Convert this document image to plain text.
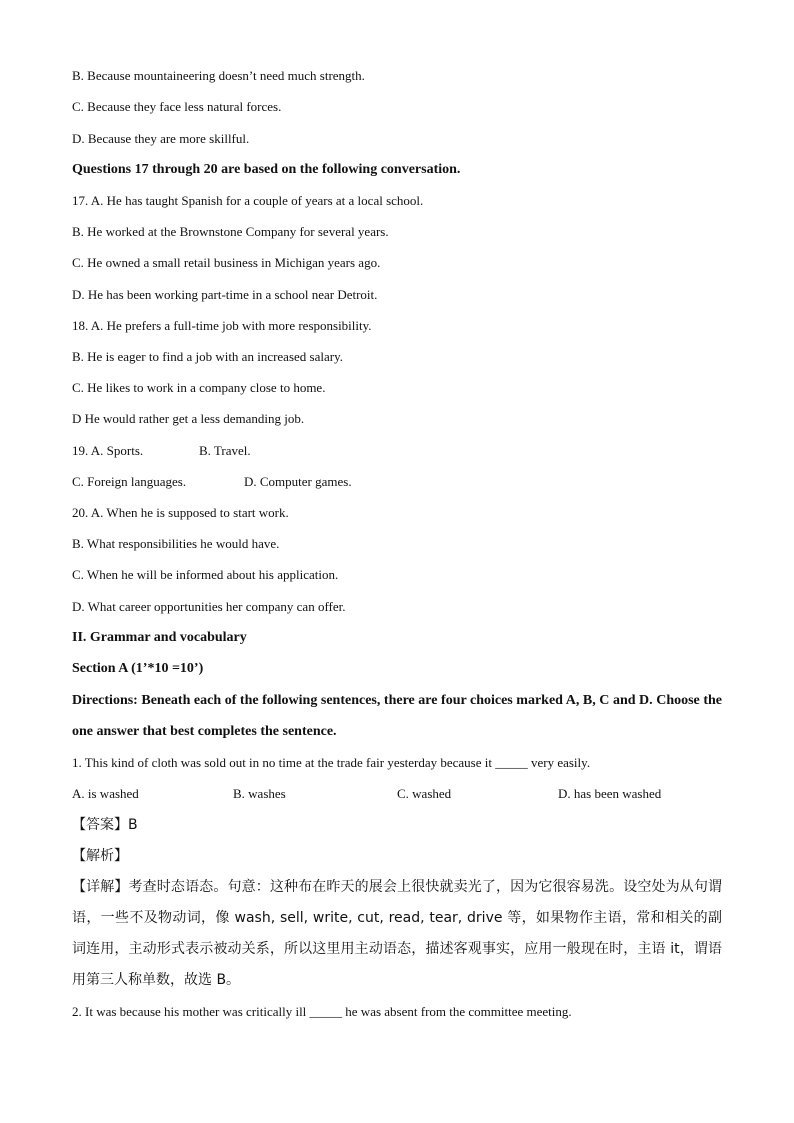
B. Because mountaineering doesn’t need much strength.
C. Because they face less natural forces.
D. Because they are more skillful.
Questions 17 through 20 are based on the following conversation.
17. A. He has taught Spanish for a couple of years at a local school.
B. He worked at the Brownstone Company for several years.
C. He owned a small retail business in Michigan years ago.
D. He has been working part-time in a school near Detroit.
18. A. He prefers a full-time job with more responsibility.
B. He is eager to find a job with an increased salary.
C. He likes to work in a company close to home.
D He would rather get a less demanding job.
19. A. Sports.	B. Travel.
C. Foreign languages.	D. Computer games.
20. A. When he is supposed to start work.
B. What responsibilities he would have.
C. When he will be informed about his application.
D. What career opportunities her company can offer.
II. Grammar and vocabulary
Section A (1’*10 =10’)
Directions: Beneath each of the following sentences, there are four choices marked A, B, C and D. Choose the one answer that best completes the sentence.
1. This kind of cloth was sold out in no time at the trade fair yesterday because it _____ very easily.
A. is washed	B. washes	C. washed	D. has been washed
【答案】B
【解析】
【详解】考查时态语态。句意：这种布在昨天的展会上很快就卖光了，因为它很容易洗。设空处为从句谓语，一些不及物动词，像 wash, sell, write, cut, read, tear, drive 等，如果物作主语，常和相关的副词连用，主动形式表示被动关系，所以这里用主动语态，描述客观事实，应用一般现在时，主语 it，谓语用第三人称单数，故选 B。
2. It was because his mother was critically ill _____ he was absent from the committee meeting.
